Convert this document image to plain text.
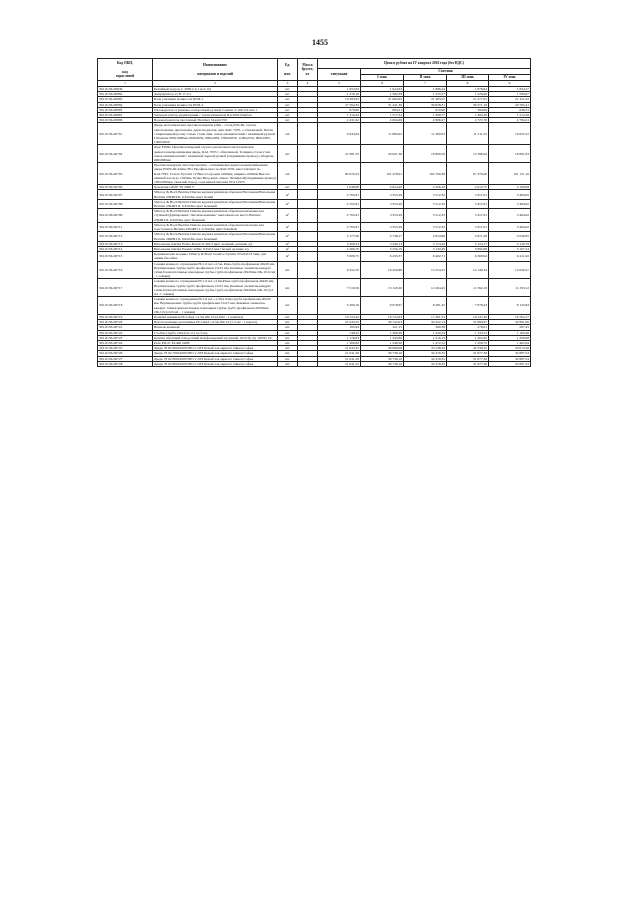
1455
Код ОКП,

код
отраслевой	Наименование

материалов и изделий	Ед.

изм.	Масса
брутто,
кг	Цена в рублях на IV квартал 2016 года (без НДС)				
				отпускная	Сметная			
					I зона	II зона	III зона	IV зона
1	2	3	4	5	6	7	8	9
301-8156-00840	Релейный модуль С 2000-Си 1 исп. 04	шт		1 653,63	1 924,63	1 886,24	1 878,64	1 834,27
301-8156-00882	Аккумулятор 12 В 17 а/ч	шт		1 319,16	1 562,39	1 555,57	1 526,96	1 580,87
301-8156-00883	Блок усиления мощности БУМ-1	шт		19 283,93	21 092,92	21 463,57	21 277,05	21 321,02
301-8156-00884	Блок усиления мощности БУМ-2	шт		27 564,35	31 441,39	30 828,31	30 371,16	29 765,41
301-8156-00885	Охлаждатель огранично-поворотный ручной Совнан-Т-100-3/4 исп.1	шт		879,80	683,21	610,90	594,99	636,53
301-8156-00891	Терморегулятор радиаторный с термоэлементом RA 2992 Danfoss	шт		1 310,42	1 517,34	1 500,77	1 484,30	1 512,56
301-8156-00896	Водонагреватель проточный Thermex Stream 350	шт		2 431,92	2 004,69	2 806,27	2 725,76	2 784,21
301-8156-00701	Дверь металлическая противопожарная (2мм - сталь) EIS-60, глухая, однопольная, двупольная, двухстворчатая, цвет RAL 7035, с обналичкой. Петли стационарный (ечок) только стали 2мм, замок механический с нажимной ручкой. Габариты 900х1900мм, 800х2050, 900х2050, 1000х2050, 1100х2150, 884х1885, 1300х2050	м2		9 943,64	11 882,65	11 300,03	11 211,55	10 637,22
301-8156-00704	Люк EIS60. Противопожарный глухая однопольная металлическая дымогазонепроницаемая дверь, RAL 7035 с обналичкой. Толщина стали 2 мм, замок механический с нажимной черной ручкой (открывание правое), габариты 900х800мм	шт		21 981,55	20 021,38	18 890,50	12 586,94	18 891,93
301-8156-00705	Противопожарная светопрозрачная - алюминиевая дымогазонепроницаемая дверь EIWS-60 Alpine Fire Профиль цвет по RAL7035, высотой цвет по RAL7035. Стекло Pyrobel 12 Высота проема 2100мм, ширина 1000мм Высота нижней части до 1200мм. Ручка Вход верх, замок. Четвёртой(открывание правое) 100х2050мм, тяжелый пород, отделенная матовая 25% CIWS	м2		84 676,35	101 478,01	104 769,38	97 376,20	101 151,16
301-8156-00706	Доводчик GEZE TS 2000 V	шт		1 648,68	4 624,40	4 326,10	4 012,75	4 180,89
301-8156-00707	Villeroy & Boch Bernina Плитка керамогранитная обрезная Настенная/Напольная Bernina 2394RT4L 0,3х0,6м, цвет белый	м²		2 765,61	3 353,29	3 512,32	3 457,91	3 484,65
301-8156-00708	Villeroy & Boch Bernina Плитка керамогранитная обрезная Настенная/Напольная Bernina 2394RT1L 0,3х0,6м, цвет бежевый	м²		2 765,61	3 353,29	3 512,32	3 457,91	3 484,62
301-8156-00709	Villeroy & Boch Bernina Плитка керамогранитная обрезная напольная для ступеней (фризерована "Антискольжение" выполнено на место Bernina 2394RT1L 0,3х0,6м, цвет бежевый	м²		2 765,61	3 353,29	3 512,33	3 457,91	3 484,62
301-8156-00711	Villeroy & Boch Bernina Плитка керамогранитная обрезная напольная для подступенок Bernina 2394RT1L 0,3х0,6м, цвет бежевый	м²		2 765,61	3 353,29	3 512,33	3 457,91	3 484,62
301-8156-00712	Villeroy & Boch Bernina Плитка керамогранитная обрезная Настенная/Напольная Bernina 2660RT1L 0,6х0,6м, цвет бежевый	м²		3 177,06	4 738,17	4 054,86	3 971,20	4 049,85
301-8156-00713	Напольная плитка Pvuna Pasado 0,3х0,3 цвет зеленый, деление а/у	м²		2 499,23	3 249,13	3 174,43	3 124,17	3 149,78
301-8156-00714	Напольная плитка Essenie White 0,3х0,3 цвет белый деление а/у	м²		2 466,70	3 256,19	3 132,20	3 082,98	3 107,54
301-8156-00715	Керамическая мозаика Villeroy & Boch Creative System 3752CK73 5мм, для линии бассейна	м²		5 008,75	6 435,37	6 462,71	6 360,94	6 411,92
301-8156-00716	Секция кованого ограждения Н=1,6 м,L=2,5м, Рама-труба профильная 40х20 мм, Вертикальные трубы-труба профильная 15х15 мм, Кованые элементы-квадрат 12мм,Горизонтальные накладные трубы-труба профильная 20х20мм ОК-10 (4 м2 - 1 секция)	шт.		9 352,70	16 329,88	15 254,25	14 149,34	14 028,27
301-8156-00717	Секция кованого ограждения Н=1,6 м,L=2,0м,Рама-труба профильная 40х20 мм, Вертикальные трубы-труба профильная 15х15 мм, Кованые элементы-квадрат 12мм,Горизонтальные накладные трубы-труба профильная 20х20мм ОК-10 (3,2 м2 -1 секция)	шт.		7 519,59	13 129,20	12 264,45	11 392,19	11 293,12
301-8156-00718	Секция кованого ограждения Н=1,6 м,L=1,35м, Рама-труба профильная 40х20 мм, Вертикальные трубы-труба профильная 15х15 мм, Кованые элементы-квадрат 12мм,Горизонтальные накладные трубы-труба профильная 20х20мм ОК-10 (2,224 м2 - 1 секция)	шт.		5 200,16	9 078,67	8 481,45	7 878,23	8 123,84
301-8156-00719	Калитка кованная Н=1,6м,L=2,5м ОК-10 (4,0м2 - 1 калитка)	шт.		10 724,42	18 724,83	17 491,53	16 247,49	16 762,27
301-8156-00720	Ворота кованые распашные Н=1,6м,L=4,5м ОК-10 (7,2 м2 - 1 ворота)	шт.		21 043,25	36 742,93	34 322,13	31 884,97	32 891,06
301-8156-00721	Вензель кованый	шт.		185,94	321,15	300,38	278,61	287,45
301-8156-00722	Столбы (труба 120х4) h=2,1 м сталь	шт.		748,22	1 306,38	1 220,34	1 133,53	1 169,46
301-8156-00723	Клапан обратный поворотный межфланцевый чугунный 19с21бр Ду 100 Ру 16	шт.		1 176,83	1 343,80	1 516,15	1 262,92	1 290,08
301-8156-00724	Реле РП-21 М-400 220В	шт.		1 300,62	1 546,50	1 472,12	1 458,72	1 465,94
301-8156-00725	Дверь 78 62 900х2000 НП гл ЛЗЗ Белый лак акрилат глянец Софья	шт.		21 043,25	40 996,08	35 248,43	42 339,32	43 013,20
301-8156-00726	Дверь 78 62 700х2000 НП гл ЛЗЗ Белый лак акрилат глянец Софья	шт.		21 041,29	36 738,10	34 318,35	31 877,36	32 887,54
301-8156-00727	Дверь 78 62 600х2000 НП гл ЛЗЗ Белый лак акрилат глянец Софья	шт.		21 041,29	36 738,10	34 318,35	31 877,36	32 887,54
301-8156-00728	Дверь 78 62 800х2000 НП гл ЛЗЗ Белый лак акрилат глянец Софья	шт.		21 041,25	36 738,10	34 318,35	31 877,36	32 887,54
